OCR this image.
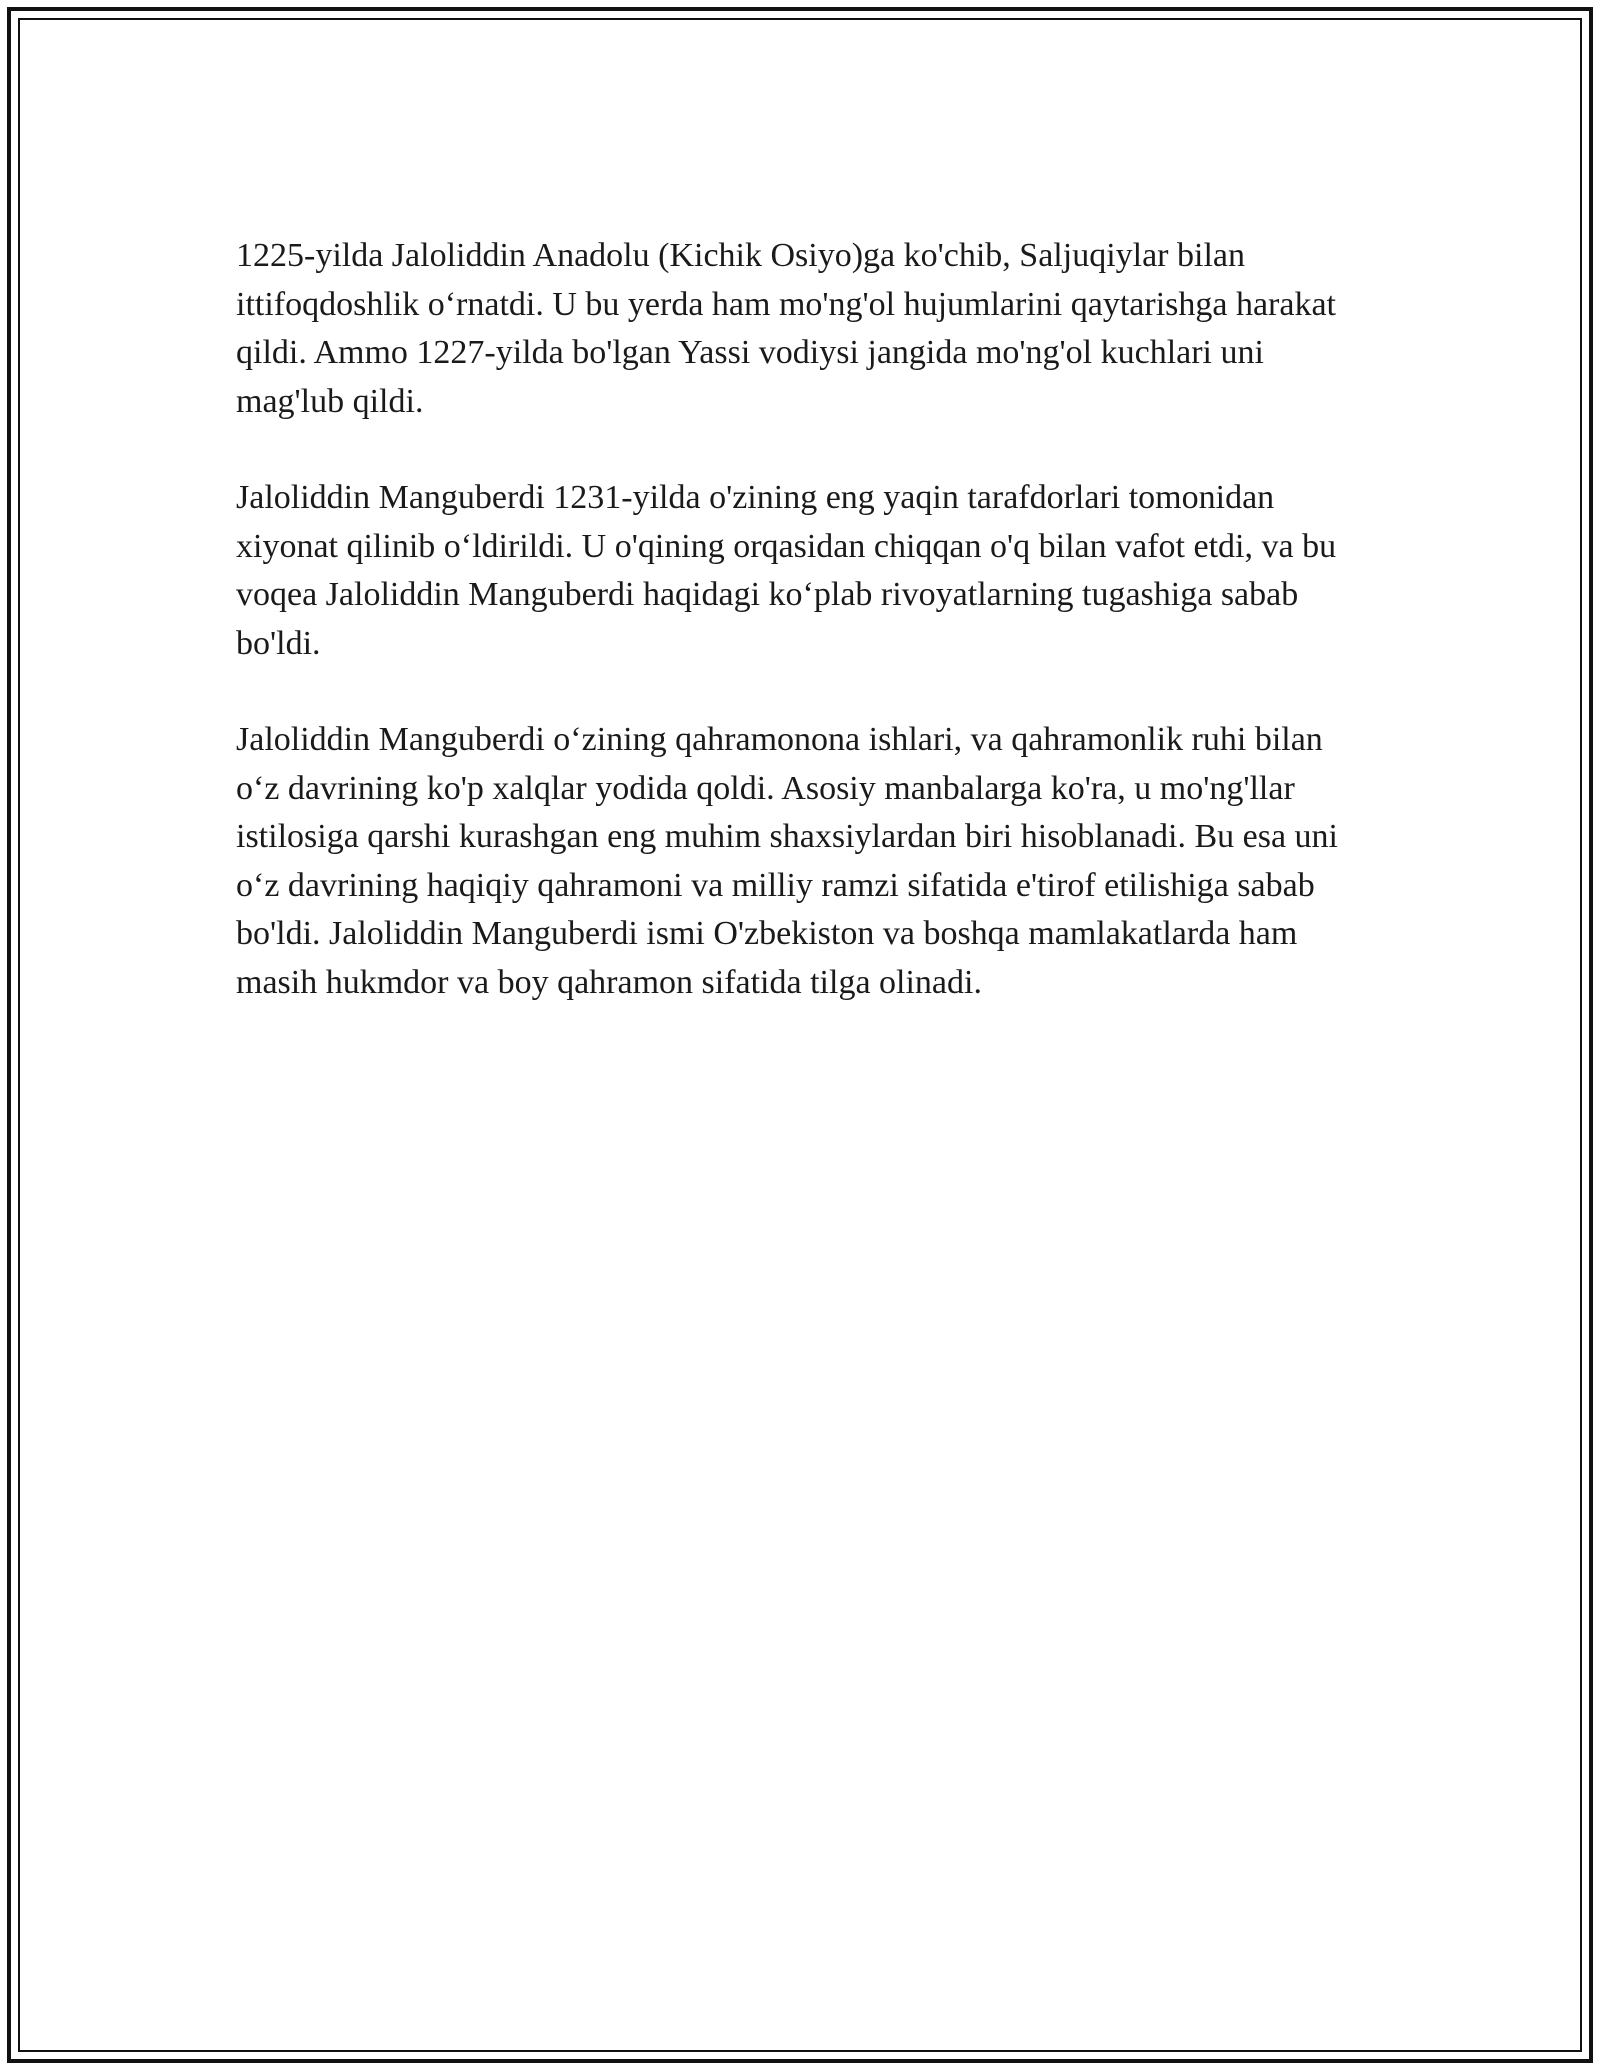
1225-yilda Jaloliddin Anadolu (Kichik Osiyo)ga ko'chib, Saljuqiylar bilan ittifoqdoshlik o‘rnatdi. U bu yerda ham mo'ng'ol hujumlarini qaytarishga harakat qildi. Ammo 1227-yilda bo'lgan Yassi vodiysi jangida mo'ng'ol kuchlari uni mag'lub qildi.

Jaloliddin Manguberdi 1231-yilda o'zining eng yaqin tarafdorlari tomonidan xiyonat qilinib o‘ldirildi. U o'qining orqasidan chiqqan o'q bilan vafot etdi, va bu voqea Jaloliddin Manguberdi haqidagi ko‘plab rivoyatlarning tugashiga sabab bo'ldi.

Jaloliddin Manguberdi o‘zining qahramonona ishlari, va qahramonlik ruhi bilan o‘z davrining ko'p xalqlar yodida qoldi. Asosiy manbalarga ko'ra, u mo'ng'llar istilosiga qarshi kurashgan eng muhim shaxsiylardan biri hisoblanadi. Bu esa uni o‘z davrining haqiqiy qahramoni va milliy ramzi sifatida e'tirof etilishiga sabab bo'ldi. Jaloliddin Manguberdi ismi O'zbekiston va boshqa mamlakatlarda ham masih hukmdor va boy qahramon sifatida tilga olinadi.
